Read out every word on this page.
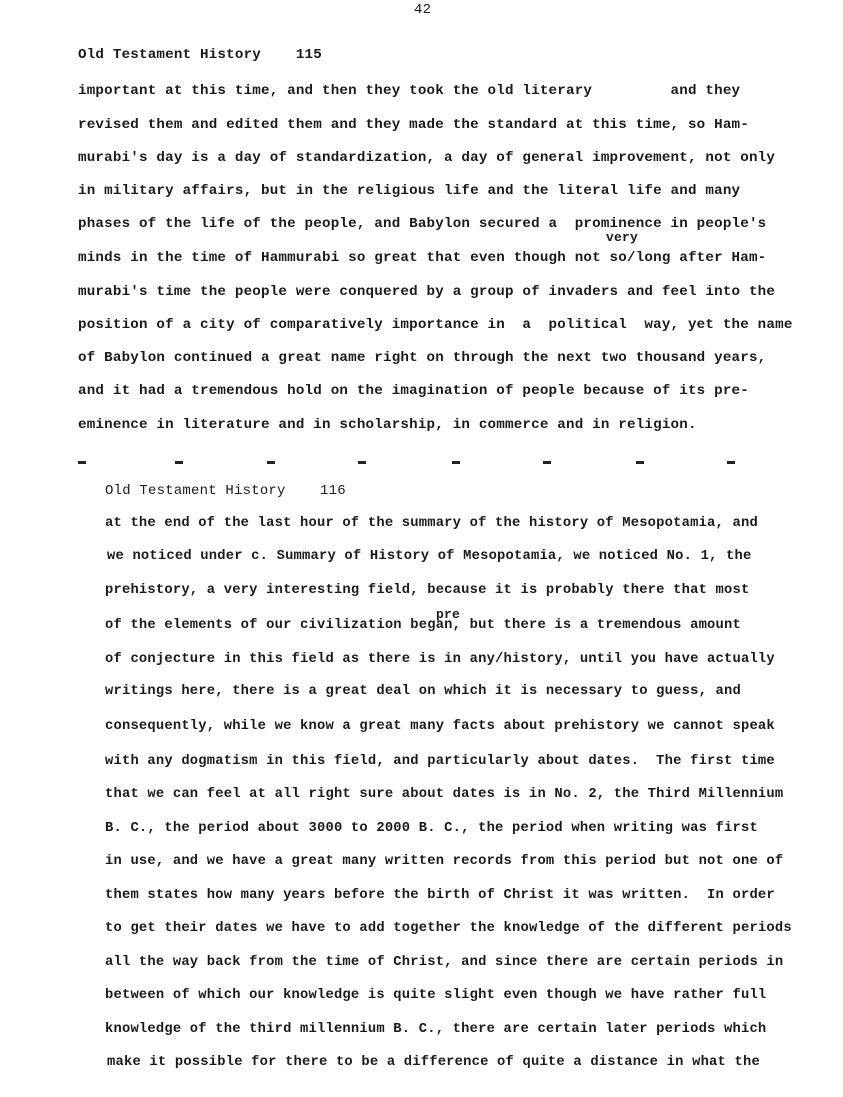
42
Old Testament History    115
very
important at this time, and then they took the old literary         and they
revised them and edited them and they made the standard at this time, so Ham-
murabi's day is a day of standardization, a day of general improvement, not only
in military affairs, but in the religious life and the literal life and many
phases of the life of the people, and Babylon secured a  prominence in people's
minds in the time of Hammurabi so great that even though not so/long after Ham-
murabi's time the people were conquered by a group of invaders and feel into the
position of a city of comparatively importance in  a  political  way, yet the name
of Babylon continued a great name right on through the next two thousand years,
and it had a tremendous hold on the imagination of people because of its pre-
eminence in literature and in scholarship, in commerce and in religion.
Old Testament History    116
pre
at the end of the last hour of the summary of the history of Mesopotamia, and
we noticed under c. Summary of History of Mesopotamia, we noticed No. 1, the
prehistory, a very interesting field, because it is probably there that most
of the elements of our civilization began, but there is a tremendous amount
of conjecture in this field as there is in any/history, until you have actually
writings here, there is a great deal on which it is necessary to guess, and
consequently, while we know a great many facts about prehistory we cannot speak
with any dogmatism in this field, and particularly about dates.  The first time
that we can feel at all right sure about dates is in No. 2, the Third Millennium
B. C., the period about 3000 to 2000 B. C., the period when writing was first
in use, and we have a great many written records from this period but not one of
them states how many years before the birth of Christ it was written.  In order
to get their dates we have to add together the knowledge of the different periods
all the way back from the time of Christ, and since there are certain periods in
between of which our knowledge is quite slight even though we have rather full
knowledge of the third millennium B. C., there are certain later periods which
make it possible for there to be a difference of quite a distance in what the
